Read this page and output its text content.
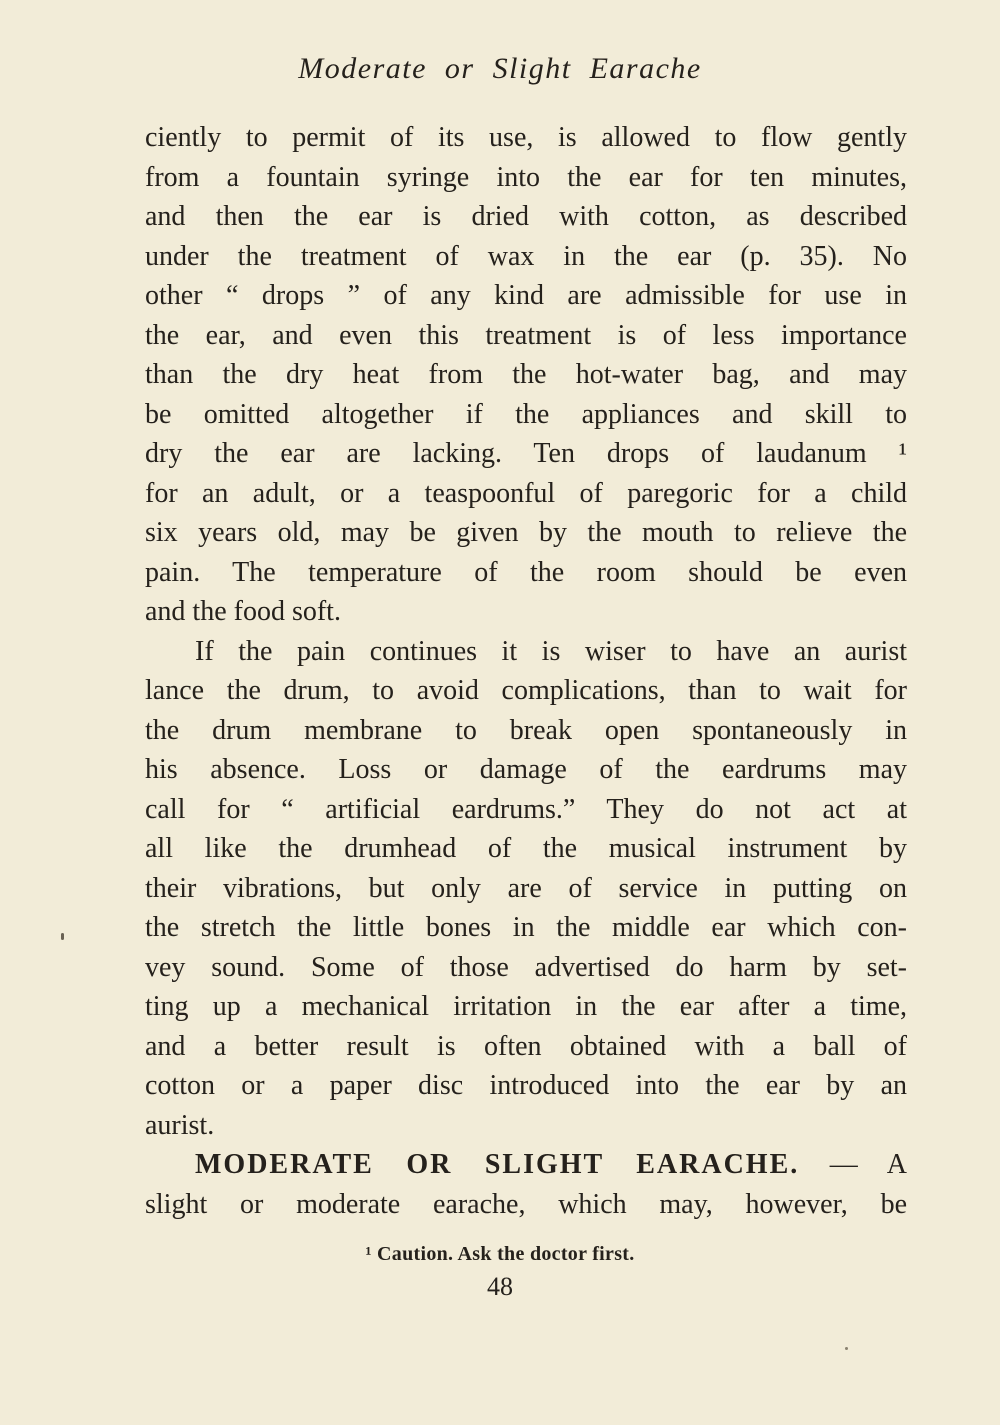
Moderate or Slight Earache
ciently to permit of its use, is allowed to flow gently
from a fountain syringe into the ear for ten minutes,
and then the ear is dried with cotton, as described
under the treatment of wax in the ear (p. 35). No
other “ drops ” of any kind are admissible for use in
the ear, and even this treatment is of less importance
than the dry heat from the hot-water bag, and may
be omitted altogether if the appliances and skill to
dry the ear are lacking. Ten drops of laudanum ¹
for an adult, or a teaspoonful of paregoric for a child
six years old, may be given by the mouth to relieve the
pain. The temperature of the room should be even
and the food soft.
If the pain continues it is wiser to have an aurist
lance the drum, to avoid complications, than to wait for
the drum membrane to break open spontaneously in
his absence. Loss or damage of the eardrums may
call for “ artificial eardrums.” They do not act at
all like the drumhead of the musical instrument by
their vibrations, but only are of service in putting on
the stretch the little bones in the middle ear which con-
vey sound. Some of those advertised do harm by set-
ting up a mechanical irritation in the ear after a time,
and a better result is often obtained with a ball of
cotton or a paper disc introduced into the ear by an
aurist.
MODERATE OR SLIGHT EARACHE. — A
slight or moderate earache, which may, however, be
¹ Caution. Ask the doctor first.
48
